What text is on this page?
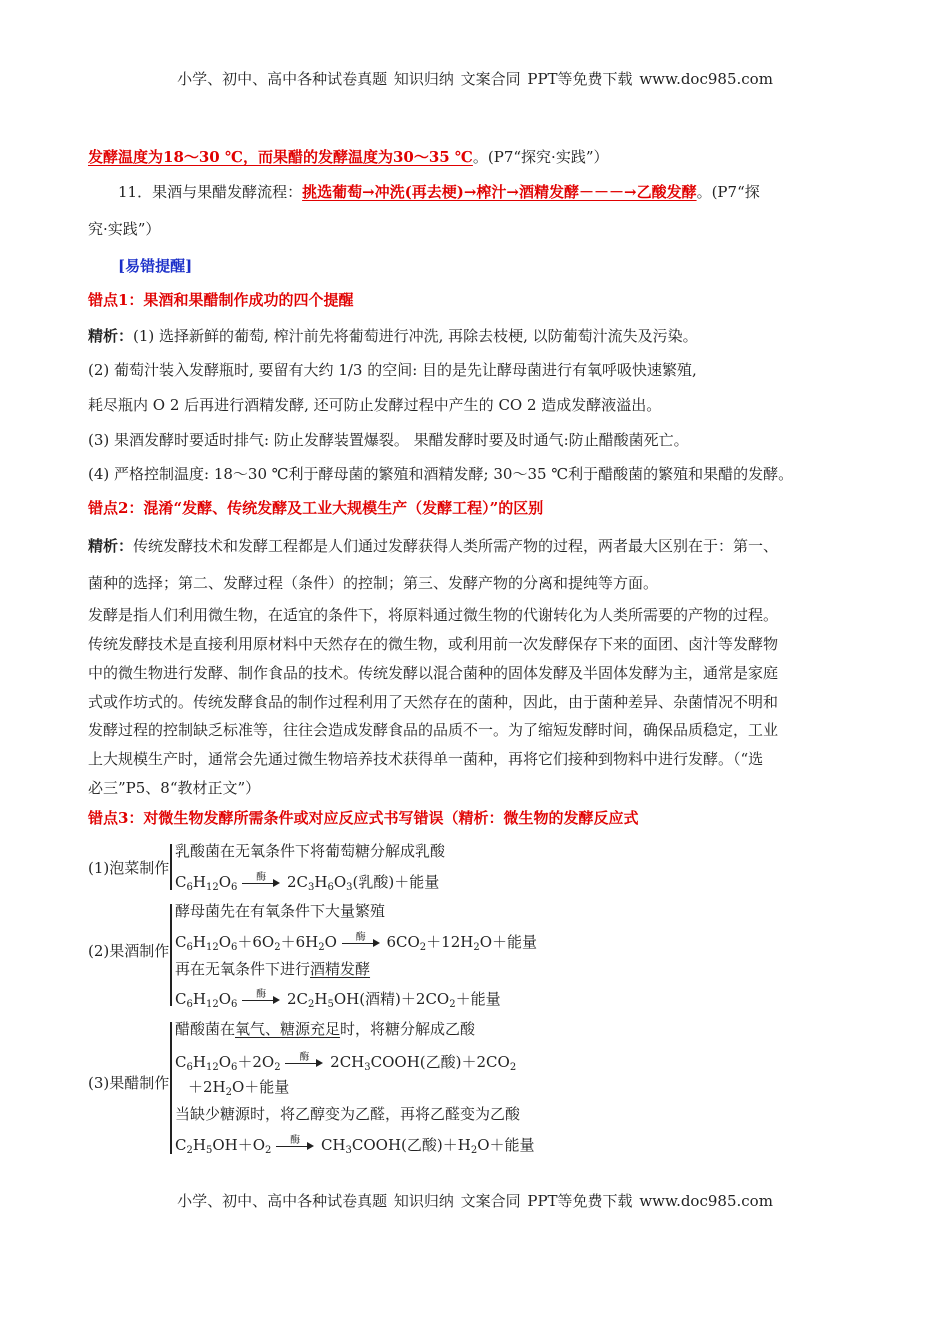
小学、初中、高中各种试卷真题 知识归纳 文案合同 PPT等免费下载 www.doc985.com
发酵温度为18～30 ℃，而果醋的发酵温度为30～35 ℃。(P7“探究·实践”）
11．果酒与果醋发酵流程：挑选葡萄→冲洗(再去梗)→榨汁→酒精发酵－－－→乙酸发酵。(P7“探
究·实践”）
[易错提醒]
错点1：果酒和果醋制作成功的四个提醒
精析：(1) 选择新鲜的葡萄, 榨汁前先将葡萄进行冲洗, 再除去枝梗, 以防葡萄汁流失及污染。
(2) 葡萄汁装入发酵瓶时, 要留有大约 1/3 的空间: 目的是先让酵母菌进行有氧呼吸快速繁殖,
耗尽瓶内 O 2 后再进行酒精发酵, 还可防止发酵过程中产生的 CO 2 造成发酵液溢出。
(3) 果酒发酵时要适时排气: 防止发酵装置爆裂。 果醋发酵时要及时通气:防止醋酸菌死亡。
(4) 严格控制温度: 18～30 ℃利于酵母菌的繁殖和酒精发酵; 30～35 ℃利于醋酸菌的繁殖和果醋的发酵。
错点2：混淆“发酵、传统发酵及工业大规模生产（发酵工程）”的区别
精析：传统发酵技术和发酵工程都是人们通过发酵获得人类所需产物的过程，两者最大区别在于：第一、
菌种的选择；第二、发酵过程（条件）的控制；第三、发酵产物的分离和提纯等方面。
发酵是指人们利用微生物，在适宜的条件下，将原料通过微生物的代谢转化为人类所需要的产物的过程。
传统发酵技术是直接利用原材料中天然存在的微生物，或利用前一次发酵保存下来的面团、卤汁等发酵物
中的微生物进行发酵、制作食品的技术。传统发酵以混合菌种的固体发酵及半固体发酵为主，通常是家庭
式或作坊式的。传统发酵食品的制作过程利用了天然存在的菌种，因此，由于菌种差异、杂菌情况不明和
发酵过程的控制缺乏标准等，往往会造成发酵食品的品质不一。为了缩短发酵时间，确保品质稳定，工业
上大规模生产时，通常会先通过微生物培养技术获得单一菌种，再将它们接种到物料中进行发酵。（“选
必三”P5、8“教材正文”）
错点3：对微生物发酵所需条件或对应反应式书写错误（精析：微生物的发酵反应式
(1)泡菜制作
乳酸菌在无氧条件下将葡萄糖分解成乳酸
$C_6H_{12}O_6$
酶 $2C_3H_6O_3$(乳酸)＋能量
(2)果酒制作
酵母菌先在有氧条件下大量繁殖
$C_6H_{12}O_6+6O_2+6H_2O$ 酶 $6CO_2+12H_2O+$能量
再在无氧条件下进行酒精发酵
$C_6H_{12}O_6$
酶 $2C_2H_5OH$(酒精)$+2CO_2+$能量
(3)果醋制作
醋酸菌在氧气、糖源充足时，将糖分解成乙酸
$C_6H_{12}O_6+2O_2$
酶 $2CH_3COOH$(乙酸)$+2CO_2$
$+2H_2O+$能量
当缺少糖源时，将乙醇变为乙醛，再将乙醛变为乙酸
$C_2H_5OH+O_2$
酶 $CH_3COOH$(乙酸)$+H_2O+$能量
小学、初中、高中各种试卷真题 知识归纳 文案合同 PPT等免费下载 www.doc985.com
